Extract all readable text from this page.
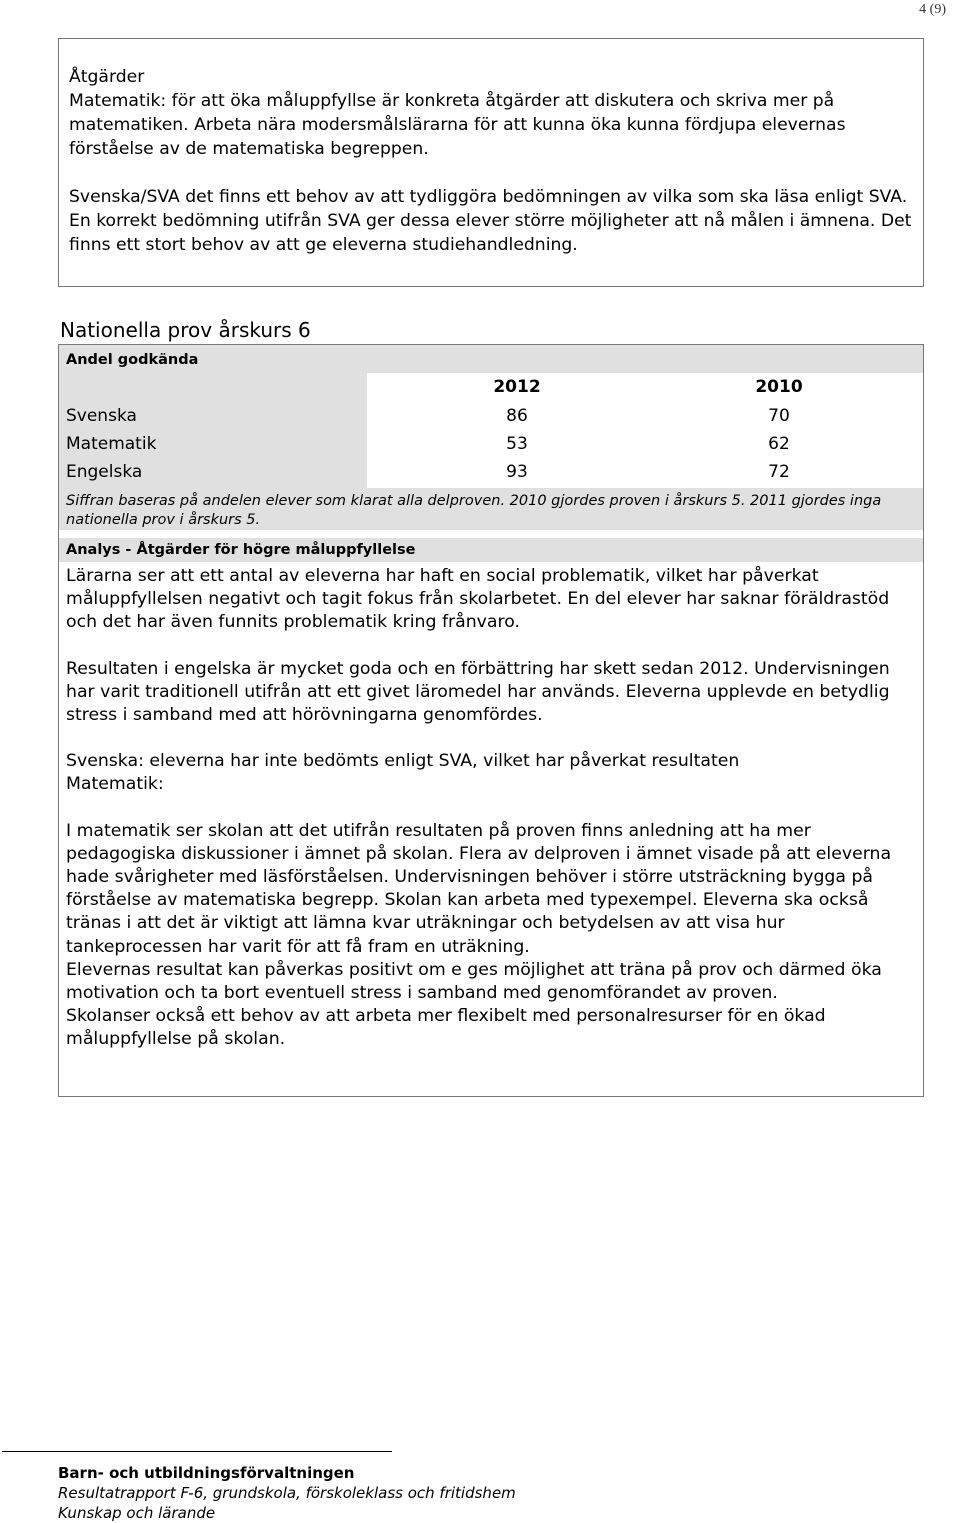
4 (9)

Åtgärder

Matematik: för att öka måluppfyllse är konkreta åtgärder att diskutera och skriva mer på matematiken. Arbeta nära modersmålslärarna för att kunna öka kunna fördjupa elevernas förståelse av de matematiska begreppen.

Svenska/SVA det finns ett behov av att tydliggöra bedömningen av vilka som ska läsa enligt SVA. En korrekt bedömning utifrån SVA ger dessa elever större möjligheter att nå målen i ämnena. Det finns ett stort behov av att ge eleverna studiehandledning.

Nationella prov årskurs 6
Andel godkända
2012	2010
Svenska	86	70
Matematik	53	62
Engelska	93	72
Siffran baseras på andelen elever som klarat alla delproven. 2010 gjordes proven i årskurs 5. 2011 gjordes inga nationella prov i årskurs 5.
Analys - Åtgärder för högre måluppfyllelse

Lärarna ser att ett antal av eleverna har haft en social problematik, vilket har påverkat måluppfyllelsen negativt och tagit fokus från skolarbetet. En del elever har saknar föräldrastöd och det har även funnits problematik kring frånvaro.

Resultaten i engelska är mycket goda och en förbättring har skett sedan 2012. Undervisningen har varit traditionell utifrån att ett givet läromedel har används. Eleverna upplevde en betydlig stress i samband med att hörövningarna genomfördes.

Svenska: eleverna har inte bedömts enligt SVA, vilket har påverkat resultaten

Matematik:

I matematik ser skolan att det utifrån resultaten på proven finns anledning att ha mer pedagogiska diskussioner i ämnet på skolan. Flera av delproven i ämnet visade på att eleverna hade svårigheter med läsförståelsen. Undervisningen behöver i större utsträckning bygga på förståelse av matematiska begrepp. Skolan kan arbeta med typexempel. Eleverna ska också tränas i att det är viktigt att lämna kvar uträkningar och betydelsen av att visa hur tankeprocessen har varit för att få fram en uträkning.

Elevernas resultat kan påverkas positivt om e ges möjlighet att träna på prov och därmed öka motivation och ta bort eventuell stress i samband med genomförandet av proven.

Skolanser också ett behov av att arbeta mer flexibelt med personalresurser för en ökad måluppfyllelse på skolan.

Barn- och utbildningsförvaltningen
Resultatrapport F-6, grundskola, förskoleklass och fritidshem
Kunskap och lärande
